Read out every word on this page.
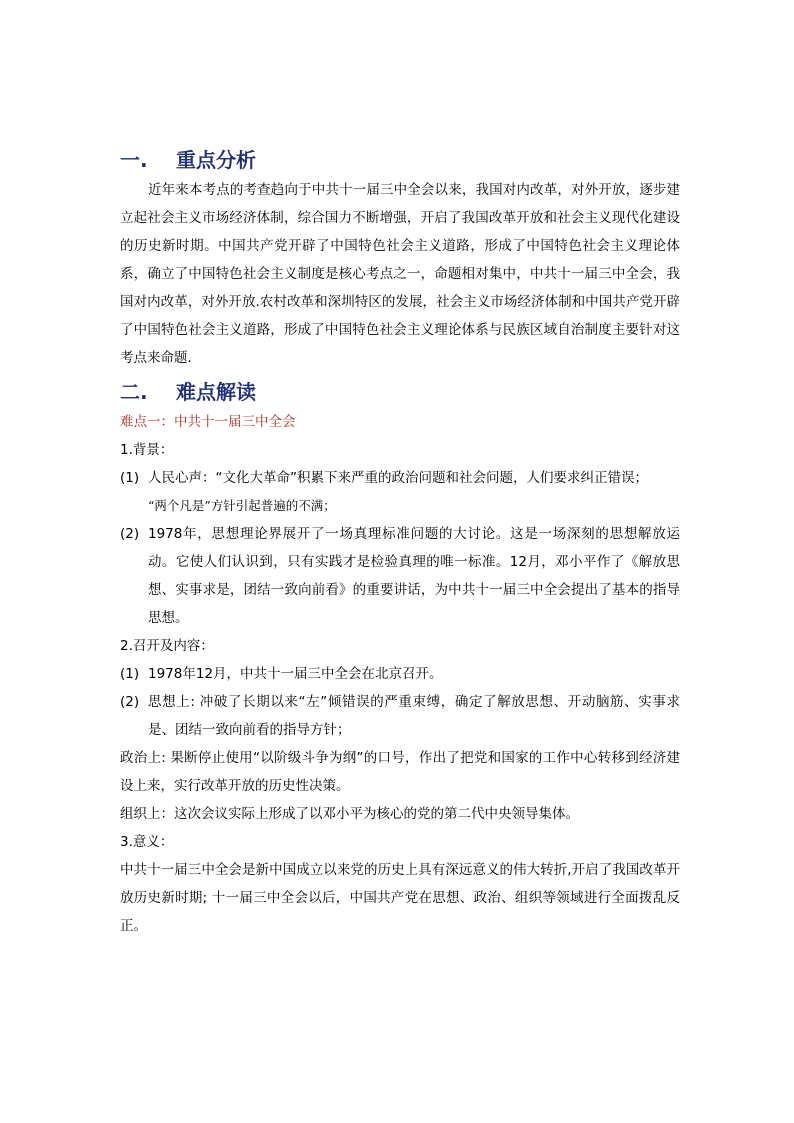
一.	重点分析

近年来本考点的考查趋向于中共十一届三中全会以来，我国对内改革，对外开放，逐步建立起社会主义市场经济体制，综合国力不断增强，开启了我国改革开放和社会主义现代化建设的历史新时期。中国共产党开辟了中国特色社会主义道路，形成了中国特色社会主义理论体系，确立了中国特色社会主义制度是核心考点之一，命题相对集中，中共十一届三中全会，我国对内改革，对外开放.农村改革和深圳特区的发展，社会主义市场经济体制和中国共产党开辟了中国特色社会主义道路，形成了中国特色社会主义理论体系与民族区域自治制度主要针对这考点来命题.

二.	难点解读

难点一：中共十一届三中全会

1.背景：

(1) 人民心声：“文化大革命”积累下来严重的政治问题和社会问题，人们要求纠正错误；

“两个凡是”方针引起普遍的不满；

(2) 1978年，思想理论界展开了一场真理标准问题的大讨论。这是一场深刻的思想解放运动。它使人们认识到，只有实践才是检验真理的唯一标准。12月，邓小平作了《解放思想、实事求是，团结一致向前看》的重要讲话，为中共十一届三中全会提出了基本的指导思想。

2.召开及内容：

(1) 1978年12月，中共十一届三中全会在北京召开。
(2) 思想上: 冲破了长期以来“左”倾错误的严重束缚，确定了解放思想、开动脑筋、实事求是、团结一致向前看的指导方针；

政治上: 果断停止使用“以阶级斗争为纲”的口号，作出了把党和国家的工作中心转移到经济建设上来，实行改革开放的历史性决策。

组织上：这次会议实际上形成了以邓小平为核心的党的第二代中央领导集体。

3.意义：

中共十一届三中全会是新中国成立以来党的历史上具有深远意义的伟大转折,开启了我国改革开放历史新时期; 十一届三中全会以后，中国共产党在思想、政治、组织等领域进行全面拨乱反正。
